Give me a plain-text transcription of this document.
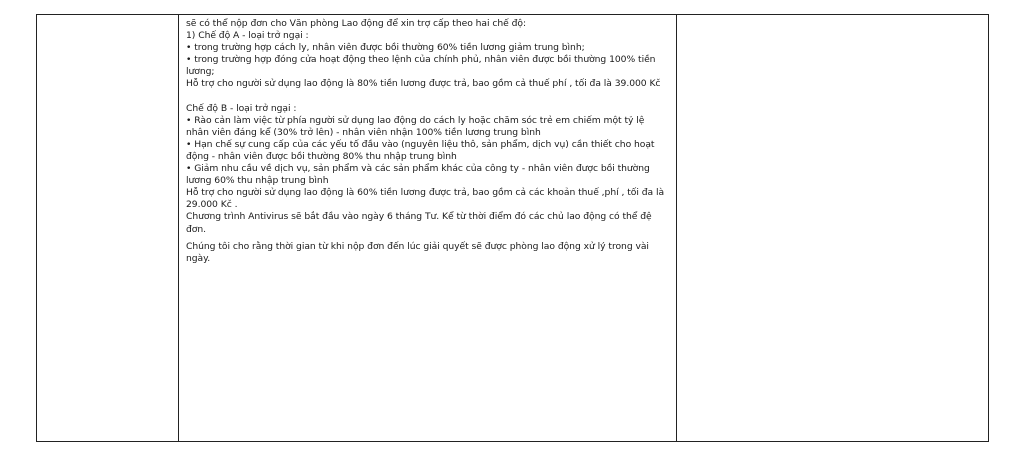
sẽ có thể nộp đơn cho Văn phòng Lao động để xin trợ cấp theo hai chế độ:

1) Chế độ A - loại trở ngại :

• trong trường hợp cách ly, nhân viên được bồi thường 60% tiền lương giảm trung bình;

• trong trường hợp đóng cửa hoạt động theo lệnh của chính phủ, nhân viên được bồi thường 100% tiền lương;

Hỗ trợ cho người sử dụng lao động là 80% tiền lương được trả, bao gồm cả thuế phí , tối đa là 39.000 Kč

Chế độ B - loại trở ngại :

• Rào cản làm việc từ phía người sử dụng lao động do cách ly hoặc chăm sóc trẻ em chiếm một tỷ lệ nhân viên đáng kể (30% trở lên) - nhân viên nhận 100% tiền lương trung bình

• Hạn chế sự cung cấp của các yếu tố đầu vào (nguyên liệu thô, sản phẩm, dịch vụ) cần thiết cho hoạt động - nhân viên được bồi thường 80% thu nhập trung bình

• Giảm nhu cầu về dịch vụ, sản phẩm và các sản phẩm khác của công ty - nhân viên được bồi thường lương 60% thu nhập trung bình

Hỗ trợ cho người sử dụng lao động là 60% tiền lương được trả, bao gồm cả các khoản thuế ,phí , tối đa là 29.000 Kč .

Chương trình Antivirus sẽ bắt đầu vào ngày 6 tháng Tư. Kể từ thời điểm đó các chủ lao động có thể đệ đơn.

Chúng tôi cho rằng thời gian từ khi nộp đơn đến lúc giải quyết sẽ được phòng lao động xử lý trong vài ngày.
